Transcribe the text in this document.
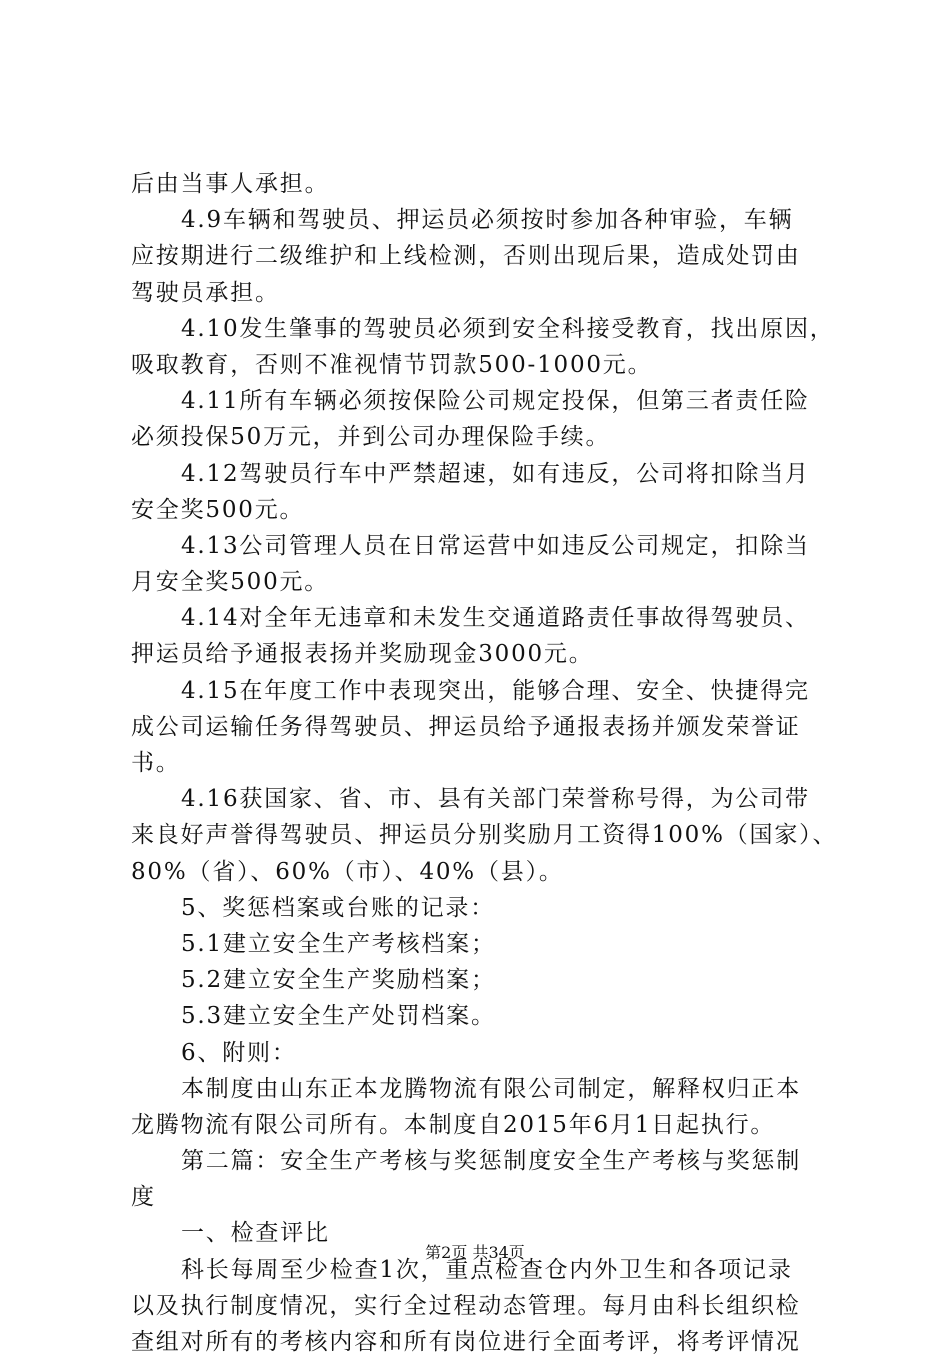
后由当事人承担。
4.9车辆和驾驶员、押运员必须按时参加各种审验，车辆
应按期进行二级维护和上线检测，否则出现后果，造成处罚由
驾驶员承担。
4.10发生肇事的驾驶员必须到安全科接受教育，找出原因，
吸取教育，否则不准视情节罚款500-1000元。
4.11所有车辆必须按保险公司规定投保，但第三者责任险
必须投保50万元，并到公司办理保险手续。
4.12驾驶员行车中严禁超速，如有违反，公司将扣除当月
安全奖500元。
4.13公司管理人员在日常运营中如违反公司规定，扣除当
月安全奖500元。
4.14对全年无违章和未发生交通道路责任事故得驾驶员、
押运员给予通报表扬并奖励现金3000元。
4.15在年度工作中表现突出，能够合理、安全、快捷得完
成公司运输任务得驾驶员、押运员给予通报表扬并颁发荣誉证
书。
4.16获国家、省、市、县有关部门荣誉称号得，为公司带
来良好声誉得驾驶员、押运员分别奖励月工资得100%（国家）、
80%（省）、60%（市）、40%（县）。
5、奖惩档案或台账的记录：
5.1建立安全生产考核档案；
5.2建立安全生产奖励档案；
5.3建立安全生产处罚档案。
6、附则：
本制度由山东正本龙腾物流有限公司制定，解释权归正本
龙腾物流有限公司所有。本制度自2015年6月1日起执行。
第二篇：安全生产考核与奖惩制度安全生产考核与奖惩制
度
一、检查评比
科长每周至少检查1次，重点检查仓内外卫生和各项记录
以及执行制度情况，实行全过程动态管理。每月由科长组织检
查组对所有的考核内容和所有岗位进行全面考评，将考评情况
第2页 共34页
